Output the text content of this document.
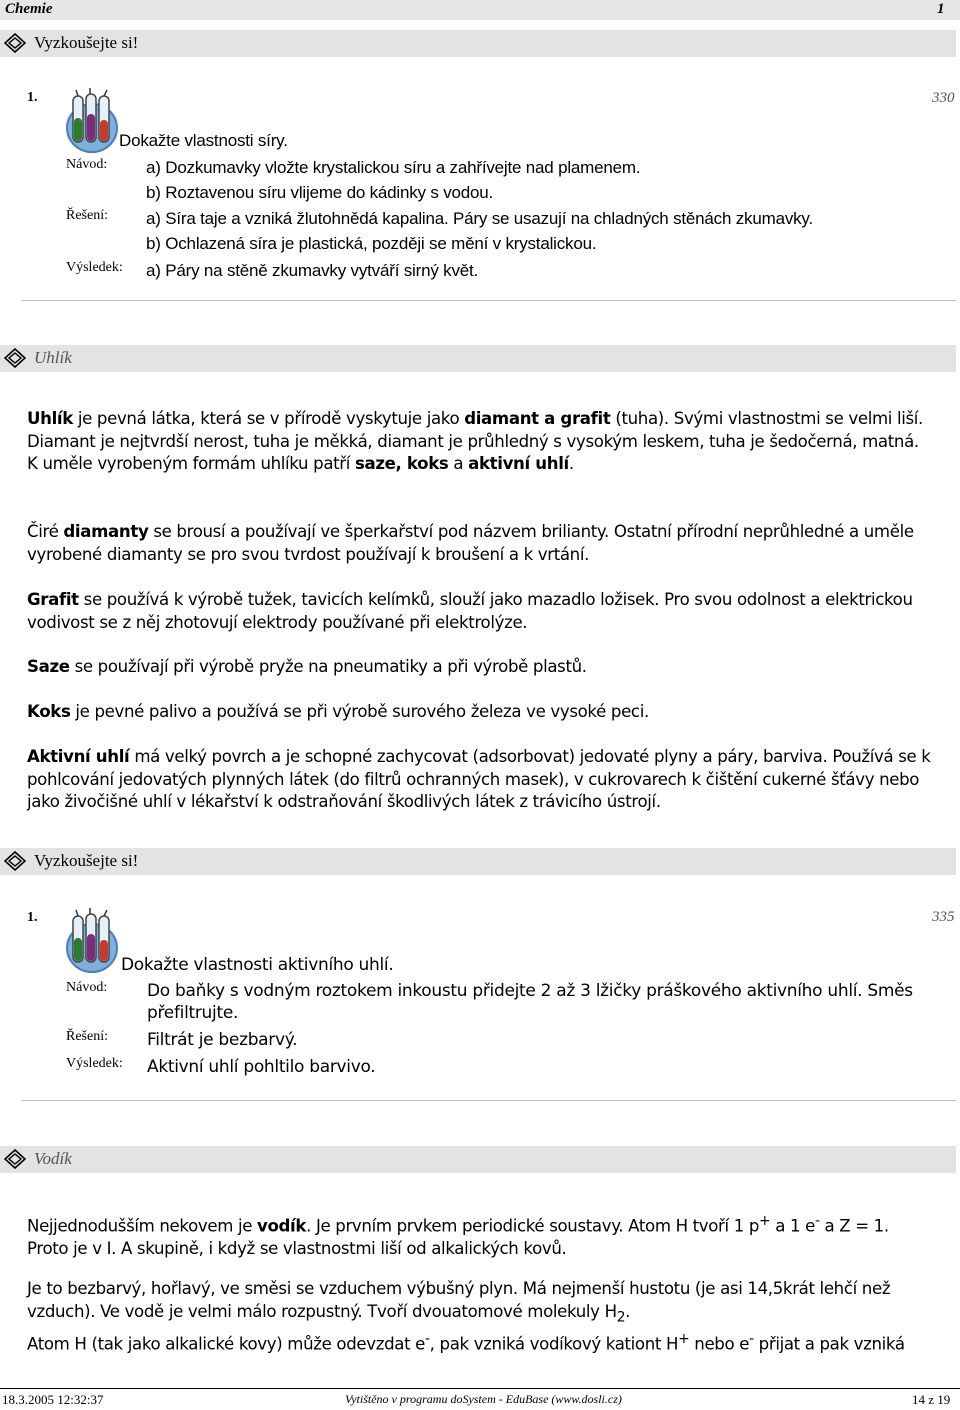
Chemie	1
Vyzkoušejte si!
1.	330
Dokažte vlastnosti síry.
Návod:	a) Dozkumavky vložte krystalickou síru a zahřívejte nad plamenem.
b) Roztavenou síru vlijeme do kádinky s vodou.
Řešení:	a) Síra taje a vzniká žlutohnědá kapalina. Páry se usazují na chladných stěnách zkumavky.
b) Ochlazená síra je plastická, později se mění v krystalickou.
Výsledek:	a) Páry na stěně zkumavky vytváří sirný květ.
Uhlík
Uhlík je pevná látka, která se v přírodě vyskytuje jako diamant a grafit (tuha). Svými vlastnostmi se velmi liší. Diamant je nejtvrdší nerost, tuha je měkká, diamant je průhledný s vysokým leskem, tuha je šedočerná, matná.
K uměle vyrobeným formám uhlíku patří saze, koks a aktivní uhlí.
Čiré diamanty se brousí a používají ve šperkařství pod názvem brilianty. Ostatní přírodní neprůhledné a uměle vyrobené diamanty se pro svou tvrdost používají k broušení a k vrtání.
Grafit se používá k výrobě tužek, tavicích kelímků, slouží jako mazadlo ložisek. Pro svou odolnost a elektrickou vodivost se z něj zhotovují elektrody používané při elektrolýze.
Saze se používají při výrobě pryže na pneumatiky a při výrobě plastů.
Koks je pevné palivo a používá se při výrobě surového železa ve vysoké peci.
Aktivní uhlí má velký povrch a je schopné zachycovat (adsorbovat) jedovaté plyny a páry, barviva. Používá se k pohlcování jedovatých plynných látek (do filtrů ochranných masek), v cukrovarech k čištění cukerné šťávy nebo jako živočišné uhlí v lékařství k odstraňování škodlivých látek z trávicího ústrojí.
Vyzkoušejte si!
1.	335
Dokažte vlastnosti aktivního uhlí.
Návod: Do baňky s vodným roztokem inkoustu přidejte 2 až 3 lžičky práškového aktivního uhlí. Směs přefiltrujte.
Řešení: Filtrát je bezbarvý.
Výsledek: Aktivní uhlí pohltilo barvivo.
Vodík
Nejjednodušším nekovem je vodík. Je prvním prvkem periodické soustavy. Atom H tvoří 1 p+ a 1 e- a Z = 1.
Proto je v I. A skupině, i když se vlastnostmi liší od alkalických kovů.
Je to bezbarvý, hořlavý, ve směsi se vzduchem výbušný plyn. Má nejmenší hustotu (je asi 14,5krát lehčí než vzduch). Ve vodě je velmi málo rozpustný. Tvoří dvouatomové molekuly $H_2$.
Atom H (tak jako alkalické kovy) může odevzdat e-, pak vzniká vodíkový kationt H+ nebo e- přijat a pak vzniká
18.3.2005 12:32:37	Vytištěno v programu doSystem - EduBase (www.dosli.cz)	14 z 19
